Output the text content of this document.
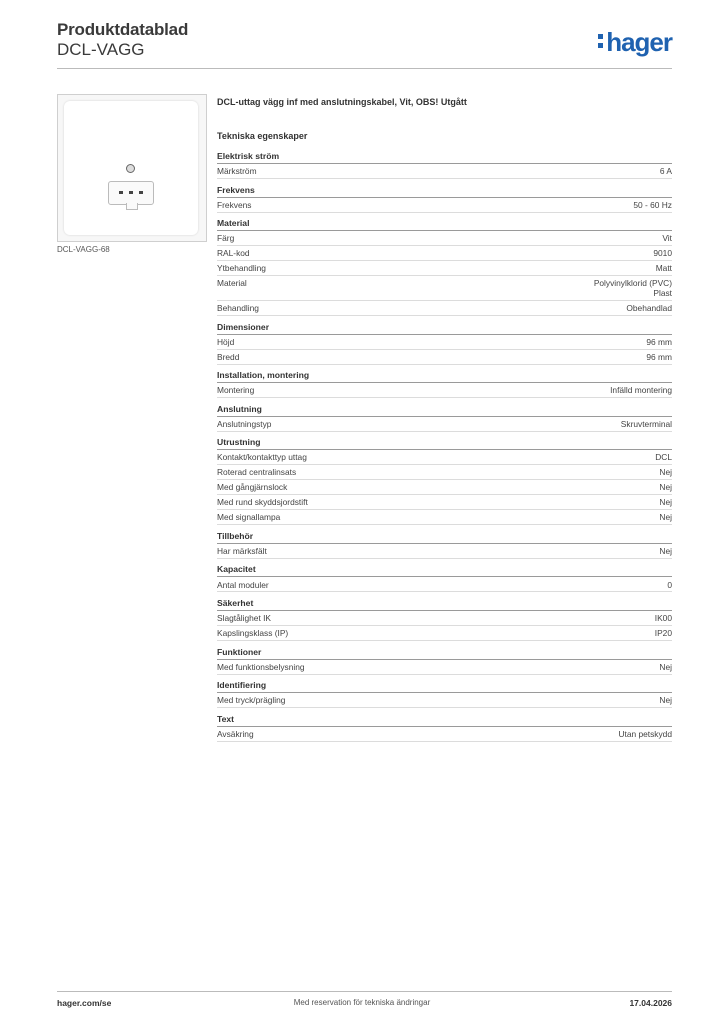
Produktdatablad
DCL-VAGG	hager
DCL-VAGG-68
DCL-uttag vägg inf med anslutningskabel, Vit, OBS! Utgått
Tekniska egenskaper
Elektrisk ström
Märkström	6 A
Frekvens
Frekvens	50 - 60 Hz
Material
Färg	Vit
RAL-kod	9010
Ytbehandling	Matt
Material	Polyvinylklorid (PVC)
Plast
Behandling	Obehandlad
Dimensioner
Höjd	96 mm
Bredd	96 mm
Installation, montering
Montering	Infälld montering
Anslutning
Anslutningstyp	Skruvterminal
Utrustning
Kontakt/kontakttyp uttag	DCL
Roterad centralinsats	Nej
Med gångjärnslock	Nej
Med rund skyddsjordstift	Nej
Med signallampa	Nej
Tillbehör
Har märksfält	Nej
Kapacitet
Antal moduler	0
Säkerhet
Slagtålighet IK	IK00
Kapslingsklass (IP)	IP20
Funktioner
Med funktionsbelysning	Nej
Identifiering
Med tryck/prägling	Nej
Text
Avsäkring	Utan petskydd
hager.com/se	Med reservation för tekniska ändringar	17.04.2026
